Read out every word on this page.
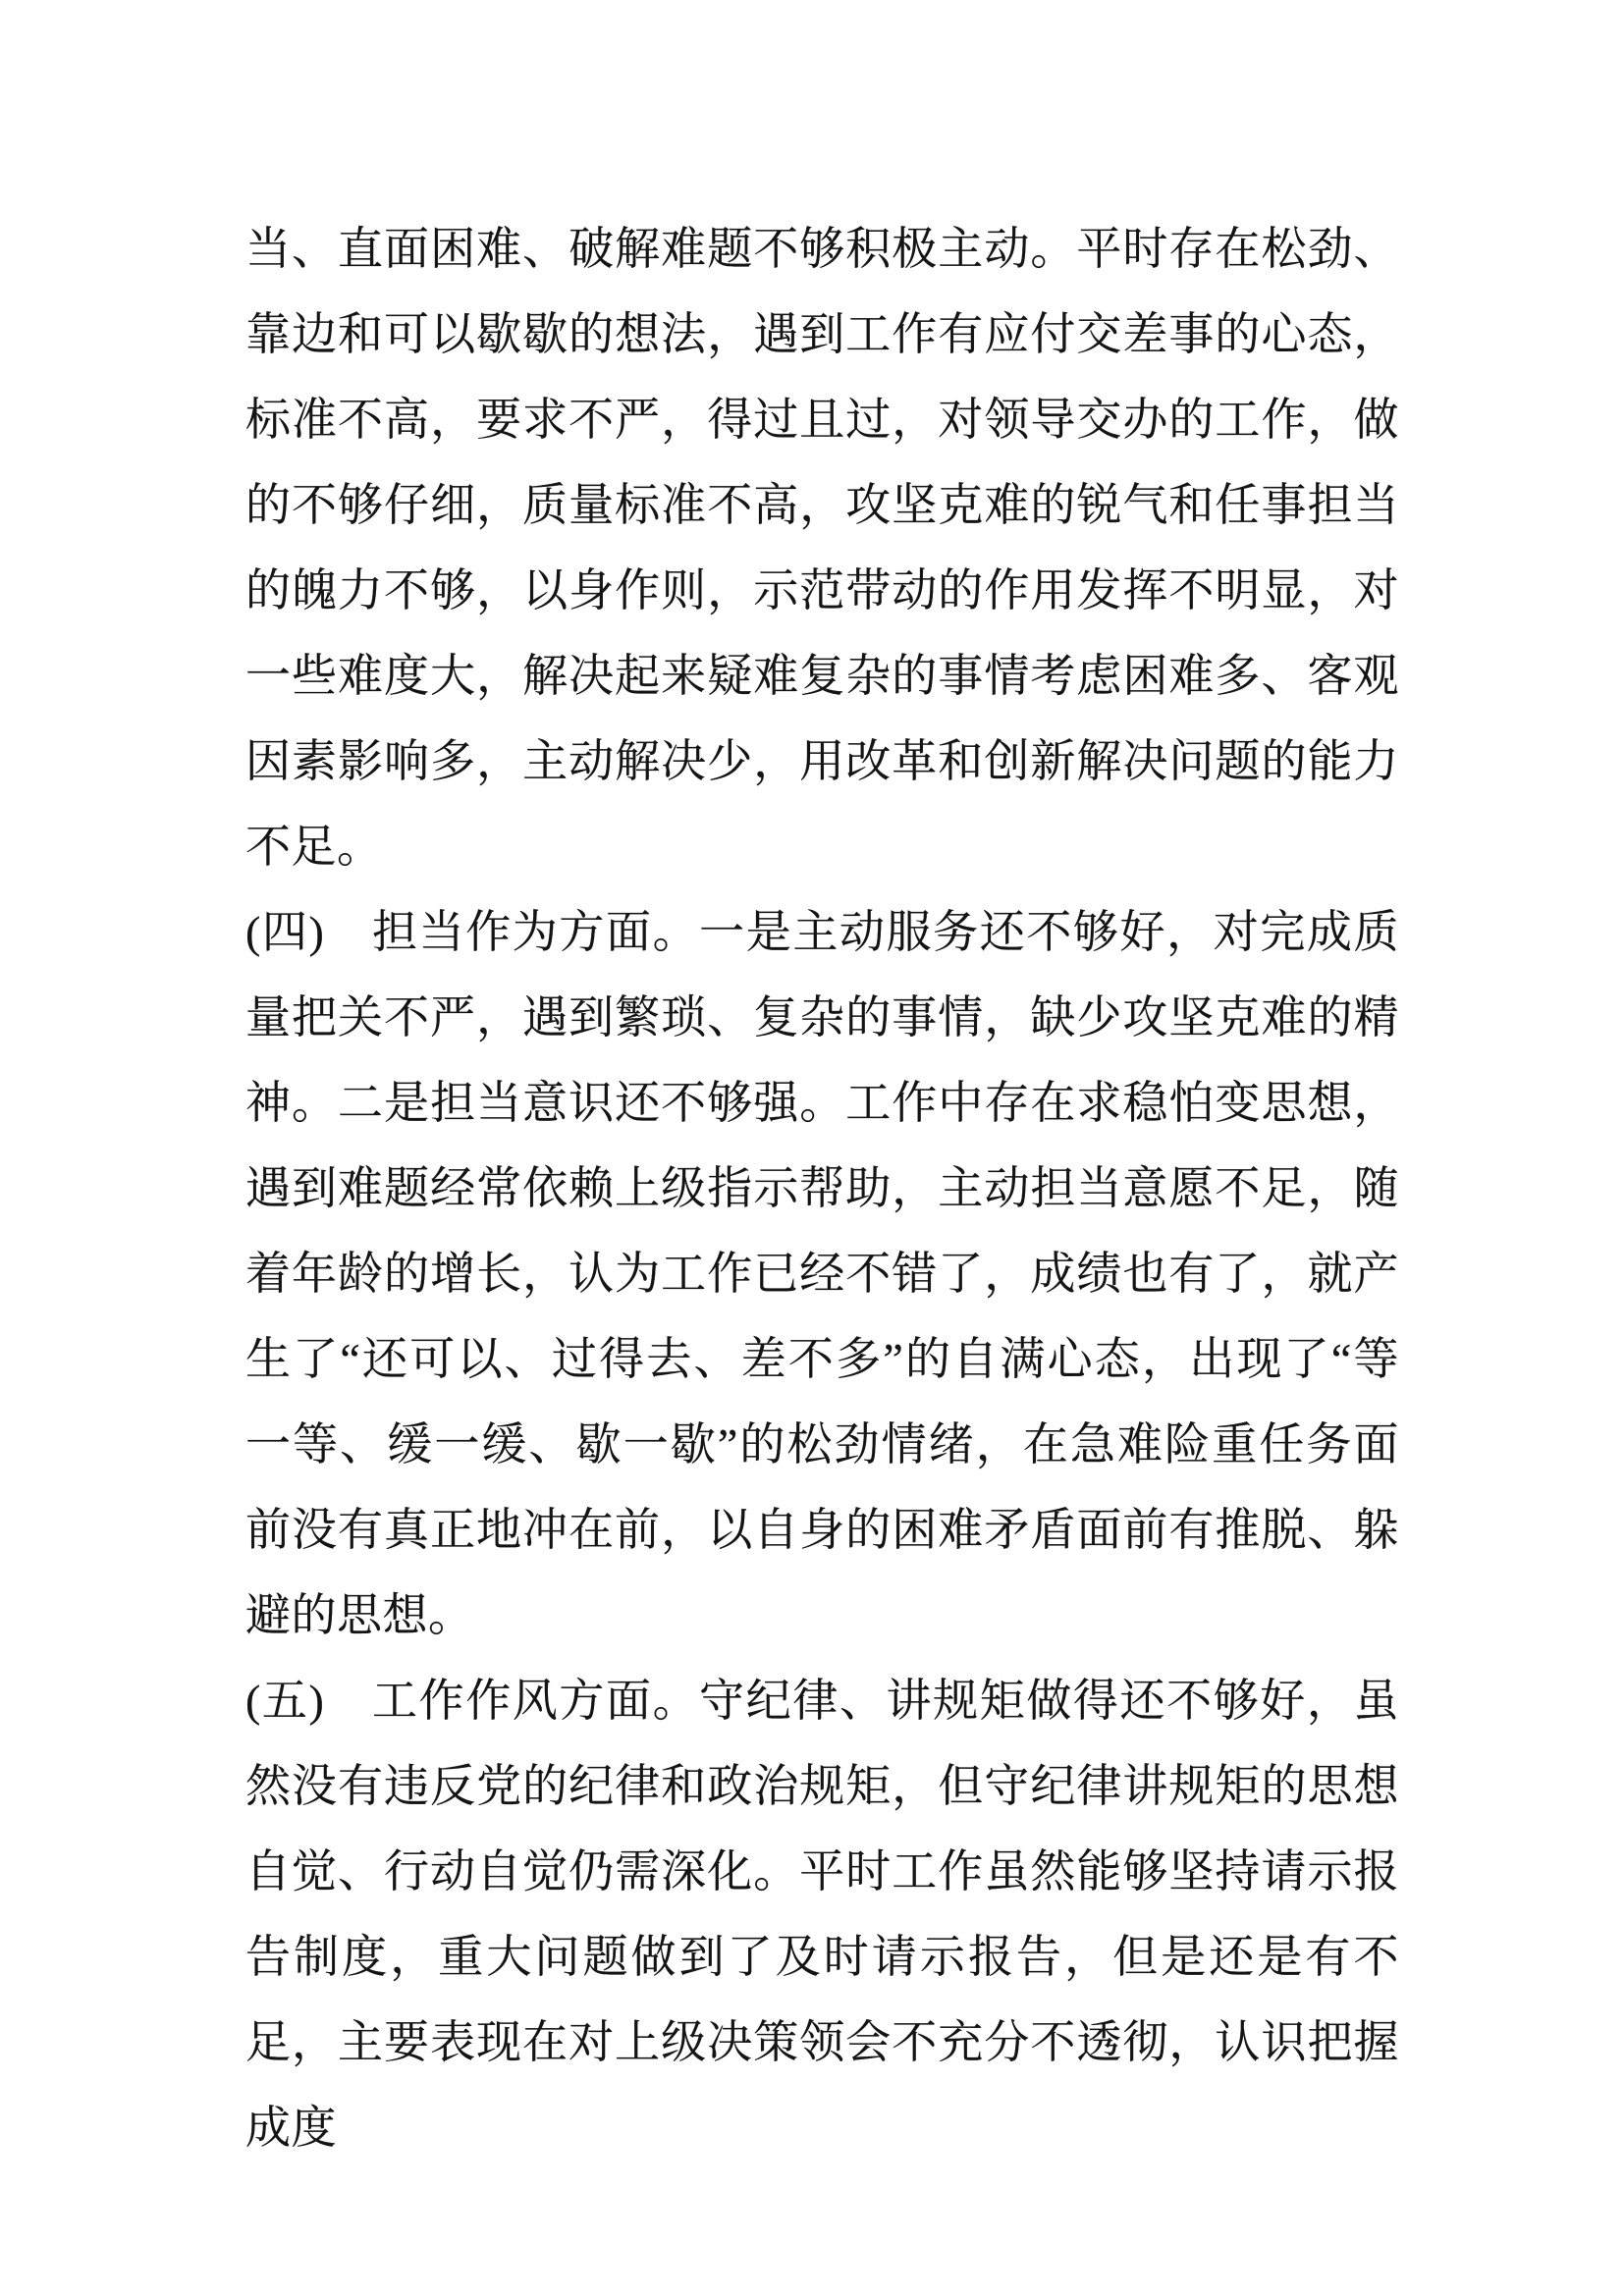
当、直面困难、破解难题不够积极主动。平时存在松劲、靠边和可以歇歇的想法，遇到工作有应付交差事的心态，标准不高，要求不严，得过且过，对领导交办的工作，做的不够仔细，质量标准不高，攻坚克难的锐气和任事担当的魄力不够，以身作则，示范带动的作用发挥不明显，对一些难度大，解决起来疑难复杂的事情考虑困难多、客观因素影响多，主动解决少，用改革和创新解决问题的能力不足。

(四)　担当作为方面。一是主动服务还不够好，对完成质量把关不严，遇到繁琐、复杂的事情，缺少攻坚克难的精神。二是担当意识还不够强。工作中存在求稳怕变思想，遇到难题经常依赖上级指示帮助，主动担当意愿不足，随着年龄的增长，认为工作已经不错了，成绩也有了，就产生了“还可以、过得去、差不多”的自满心态，出现了“等一等、缓一缓、歇一歇”的松劲情绪，在急难险重任务面前没有真正地冲在前，以自身的困难矛盾面前有推脱、躲避的思想。

(五)　工作作风方面。守纪律、讲规矩做得还不够好，虽然没有违反党的纪律和政治规矩，但守纪律讲规矩的思想自觉、行动自觉仍需深化。平时工作虽然能够坚持请示报告制度，重大问题做到了及时请示报告，但是还是有不足，主要表现在对上级决策领会不充分不透彻，认识把握成度
